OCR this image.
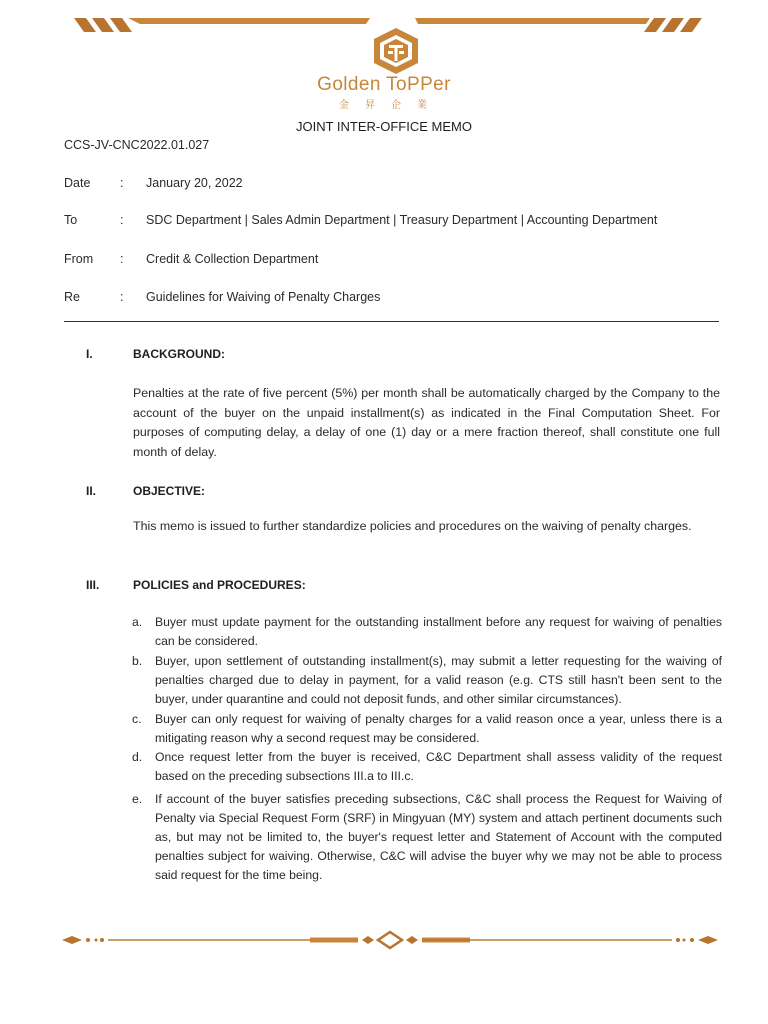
Golden ToPPer
金昇企業
JOINT INTER-OFFICE MEMO
CCS-JV-CNC2022.01.027
Date	: January 20, 2022
To	: SDC Department | Sales Admin Department | Treasury Department | Accounting Department
From	: Credit & Collection Department
Re	: Guidelines for Waiving of Penalty Charges
I.	BACKGROUND:
Penalties at the rate of five percent (5%) per month shall be automatically charged by the Company to the account of the buyer on the unpaid installment(s) as indicated in the Final Computation Sheet. For purposes of computing delay, a delay of one (1) day or a mere fraction thereof, shall constitute one full month of delay.
II.	OBJECTIVE:
This memo is issued to further standardize policies and procedures on the waiving of penalty charges.
III.	POLICIES and PROCEDURES:
a.	Buyer must update payment for the outstanding installment before any request for waiving of penalties can be considered.
b.	Buyer, upon settlement of outstanding installment(s), may submit a letter requesting for the waiving of penalties charged due to delay in payment, for a valid reason (e.g. CTS still hasn't been sent to the buyer, under quarantine and could not deposit funds, and other similar circumstances).
c.	Buyer can only request for waiving of penalty charges for a valid reason once a year, unless there is a mitigating reason why a second request may be considered.
d.	Once request letter from the buyer is received, C&C Department shall assess validity of the request based on the preceding subsections III.a to III.c.
e.	If account of the buyer satisfies preceding subsections, C&C shall process the Request for Waiving of Penalty via Special Request Form (SRF) in Mingyuan (MY) system and attach pertinent documents such as, but may not be limited to, the buyer's request letter and Statement of Account with the computed penalties subject for waiving. Otherwise, C&C will advise the buyer why we may not be able to process said request for the time being.
